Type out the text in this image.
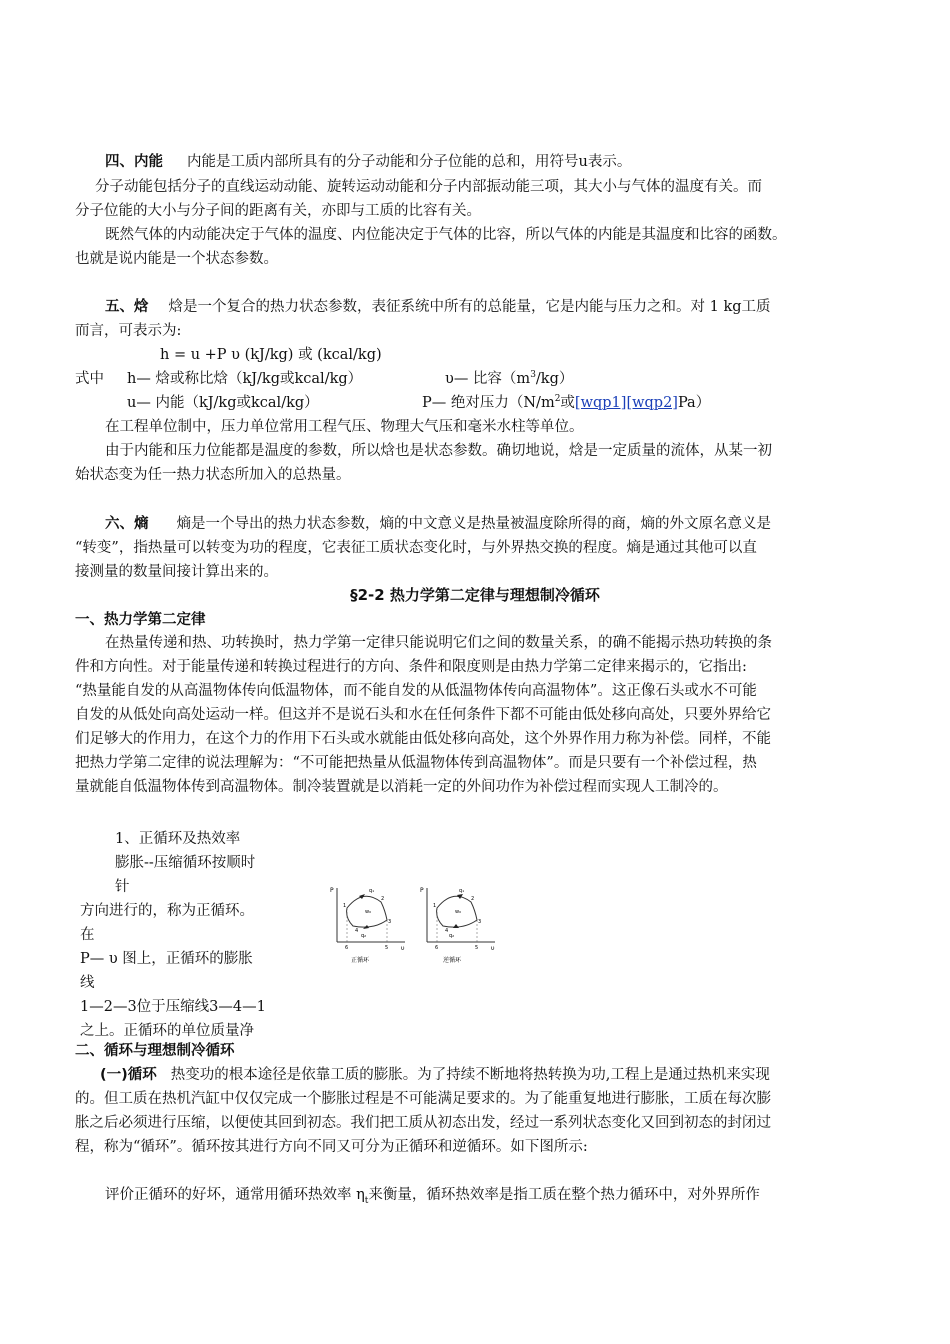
四、内能 内能是工质内部所具有的分子动能和分子位能的总和，用符号u表示。
分子动能包括分子的直线运动动能、旋转运动动能和分子内部振动能三项，其大小与气体的温度有关。而
分子位能的大小与分子间的距离有关，亦即与工质的比容有关。
既然气体的内动能决定于气体的温度、内位能决定于气体的比容，所以气体的内能是其温度和比容的函数。
也就是说内能是一个状态参数。
五、焓 焓是一个复合的热力状态参数，表征系统中所有的总能量，它是内能与压力之和。对 1 kg工质
而言，可表示为:
h = u +P υ (kJ/kg) 或 (kcal/kg)
式中 h— 焓或称比焓（kJ/kg或kcal/kg）	υ— 比容$(m^3/kg)$
u— 内能（kJ/kg或kcal/kg）	P— 绝对压力（$N/m^2$或[wqp1][wqp2]Pa）
在工程单位制中，压力单位常用工程气压、物理大气压和毫米水柱等单位。
由于内能和压力位能都是温度的参数，所以焓也是状态参数。确切地说，焓是一定质量的流体，从某一初
始状态变为任一热力状态所加入的总热量。
六、熵 熵是一个导出的热力状态参数，熵的中文意义是热量被温度除所得的商，熵的外文原名意义是
“转变”，指热量可以转变为功的程度，它表征工质状态变化时，与外界热交换的程度。熵是通过其他可以直
接测量的数量间接计算出来的。
§2-2 热力学第二定律与理想制冷循环
一、热力学第二定律
在热量传递和热、功转换时，热力学第一定律只能说明它们之间的数量关系，的确不能揭示热功转换的条
件和方向性。对于能量传递和转换过程进行的方向、条件和限度则是由热力学第二定律来揭示的，它指出:
“热量能自发的从高温物体传向低温物体，而不能自发的从低温物体传向高温物体”。这正像石头或水不可能
自发的从低处向高处运动一样。但这并不是说石头和水在任何条件下都不可能由低处移向高处，只要外界给它
们足够大的作用力，在这个力的作用下石头或水就能由低处移向高处，这个外界作用力称为补偿。同样，不能
把热力学第二定律的说法理解为：“不可能把热量从低温物体传到高温物体”。而是只要有一个补偿过程，热
量就能自低温物体传到高温物体。制冷装置就是以消耗一定的外间功作为补偿过程而实现人工制冷的。
1、正循环及热效率
膨胀--压缩循环按顺时
针
方向进行的，称为正循环。
在
P— υ 图上，正循环的膨胀
线
1—2—3位于压缩线3—4—1
之上。正循环的单位质量净
P
υ
1
2
3
4
5
6
q₁
w₀
q₂
正循环
P
υ
1
2
3
4
5
6
q₁
w₀
q₂
逆循环
二、循环与理想制冷循环
(一)循环 热变功的根本途径是依靠工质的膨胀。为了持续不断地将热转换为功,工程上是通过热机来实现
的。但工质在热机汽缸中仅仅完成一个膨胀过程是不可能满足要求的。为了能重复地进行膨胀，工质在每次膨
胀之后必须进行压缩，以便使其回到初态。我们把工质从初态出发，经过一系列状态变化又回到初态的封闭过
程，称为“循环”。循环按其进行方向不同又可分为正循环和逆循环。如下图所示:
评价正循环的好坏，通常用循环热效率 $\eta_t$来衡量，循环热效率是指工质在整个热力循环中，对外界所作
